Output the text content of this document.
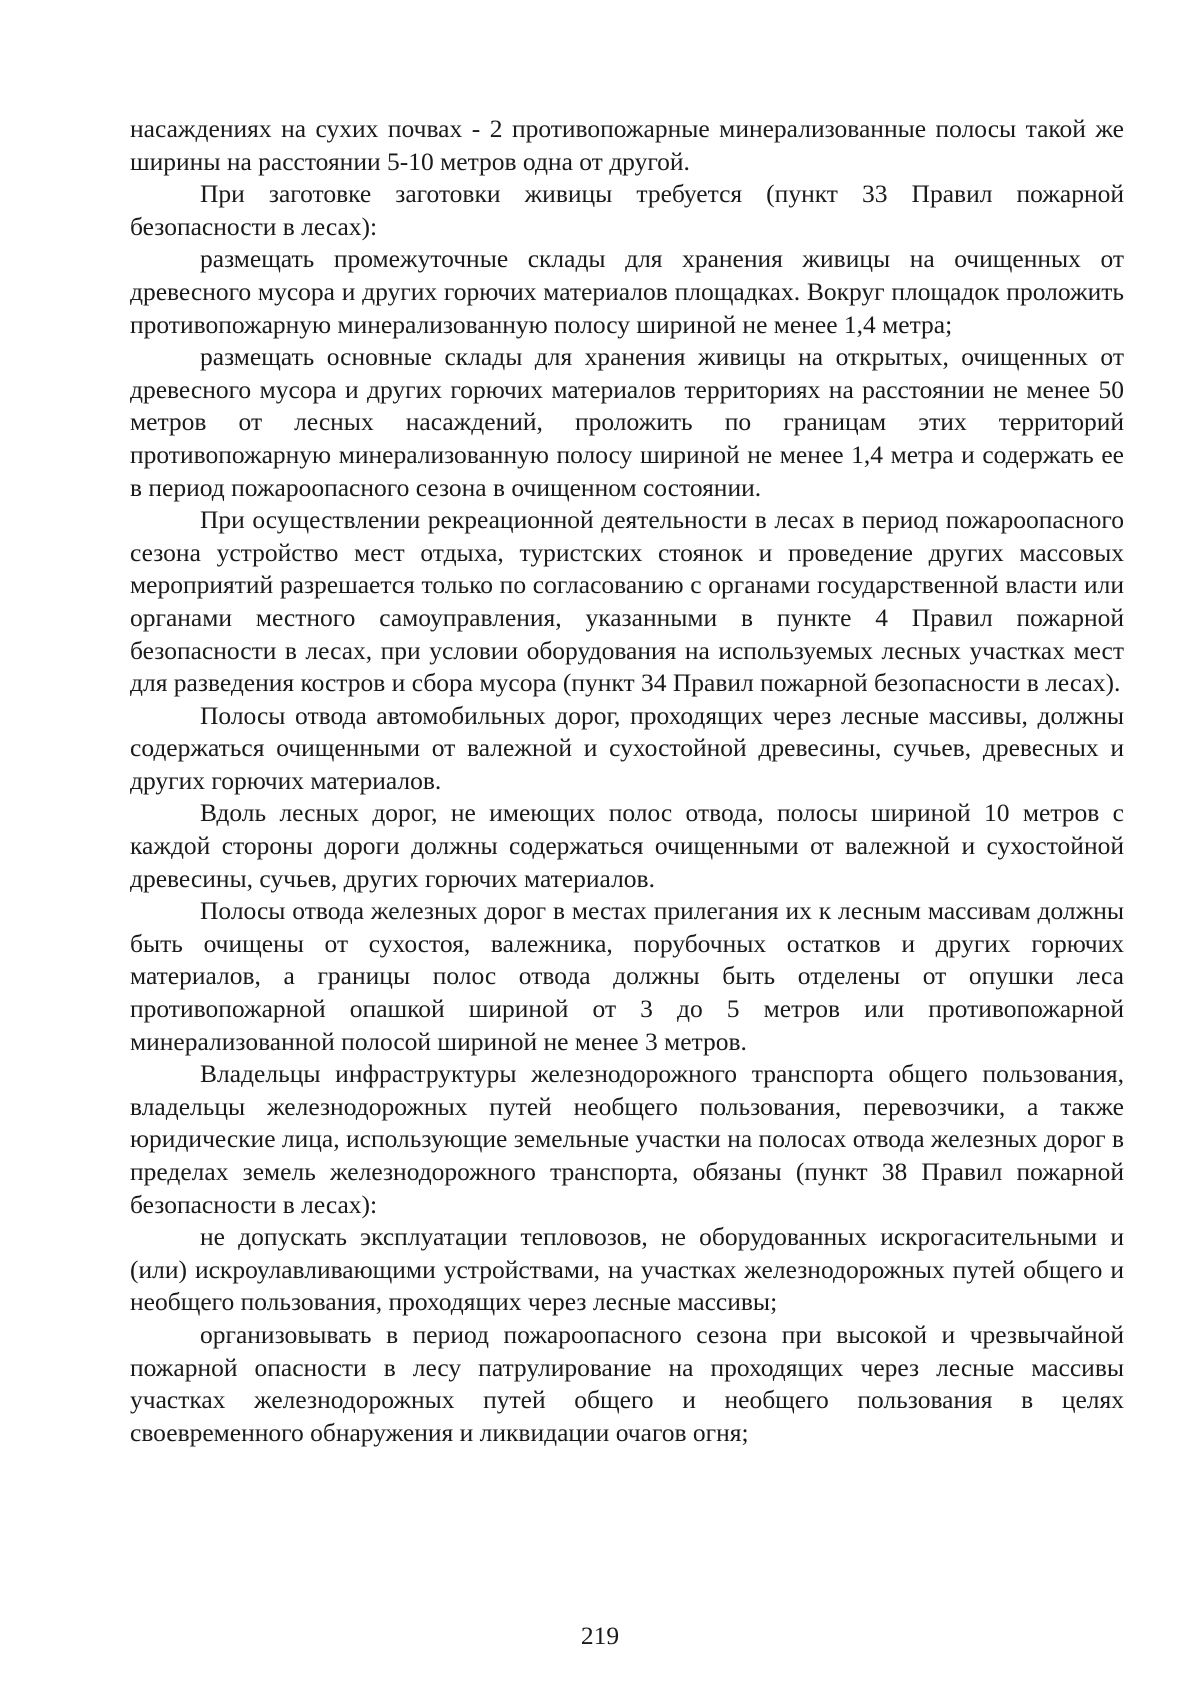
насаждениях на сухих почвах - 2 противопожарные минерализованные полосы такой же ширины на расстоянии 5-10 метров одна от другой.

При заготовке заготовки живицы требуется (пункт 33 Правил пожарной безопасности в лесах):

размещать промежуточные склады для хранения живицы на очищенных от древесного мусора и других горючих материалов площадках. Вокруг площадок проложить противопожарную минерализованную полосу шириной не менее 1,4 метра;

размещать основные склады для хранения живицы на открытых, очищенных от древесного мусора и других горючих материалов территориях на расстоянии не менее 50 метров от лесных насаждений, проложить по границам этих территорий противопожарную минерализованную полосу шириной не менее 1,4 метра и содержать ее в период пожароопасного сезона в очищенном состоянии.

При осуществлении рекреационной деятельности в лесах в период пожароопасного сезона устройство мест отдыха, туристских стоянок и проведение других массовых мероприятий разрешается только по согласованию с органами государственной власти или органами местного самоуправления, указанными в пункте 4 Правил пожарной безопасности в лесах, при условии оборудования на используемых лесных участках мест для разведения костров и сбора мусора (пункт 34 Правил пожарной безопасности в лесах).

Полосы отвода автомобильных дорог, проходящих через лесные массивы, должны содержаться очищенными от валежной и сухостойной древесины, сучьев, древесных и других горючих материалов.

Вдоль лесных дорог, не имеющих полос отвода, полосы шириной 10 метров с каждой стороны дороги должны содержаться очищенными от валежной и сухостойной древесины, сучьев, других горючих материалов.

Полосы отвода железных дорог в местах прилегания их к лесным массивам должны быть очищены от сухостоя, валежника, порубочных остатков и других горючих материалов, а границы полос отвода должны быть отделены от опушки леса противопожарной опашкой шириной от 3 до 5 метров или противопожарной минерализованной полосой шириной не менее 3 метров.

Владельцы инфраструктуры железнодорожного транспорта общего пользования, владельцы железнодорожных путей необщего пользования, перевозчики, а также юридические лица, использующие земельные участки на полосах отвода железных дорог в пределах земель железнодорожного транспорта, обязаны (пункт 38 Правил пожарной безопасности в лесах):

не допускать эксплуатации тепловозов, не оборудованных искрогасительными и (или) искроулавливающими устройствами, на участках железнодорожных путей общего и необщего пользования, проходящих через лесные массивы;

организовывать в период пожароопасного сезона при высокой и чрезвычайной пожарной опасности в лесу патрулирование на проходящих через лесные массивы участках железнодорожных путей общего и необщего пользования в целях своевременного обнаружения и ликвидации очагов огня;

219
